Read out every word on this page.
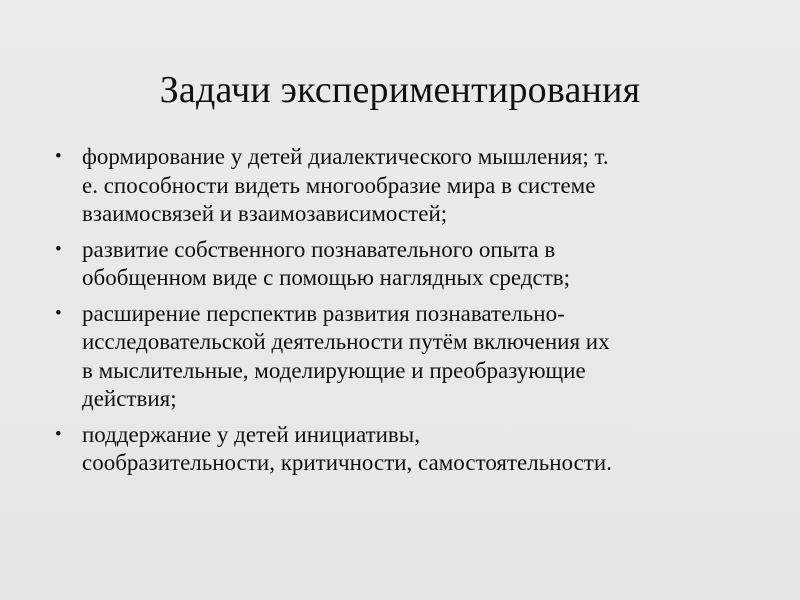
Задачи экспериментирования
• формирование у детей диалектического мышления; т.
е. способности видеть многообразие мира в системе
взаимосвязей и взаимозависимостей;
• развитие собственного познавательного опыта в
обобщенном виде с помощью наглядных средств;
• расширение перспектив развития познавательно-
исследовательской деятельности путём включения их
в мыслительные, моделирующие и преобразующие
действия;
• поддержание у детей инициативы,
сообразительности, критичности, самостоятельности.
